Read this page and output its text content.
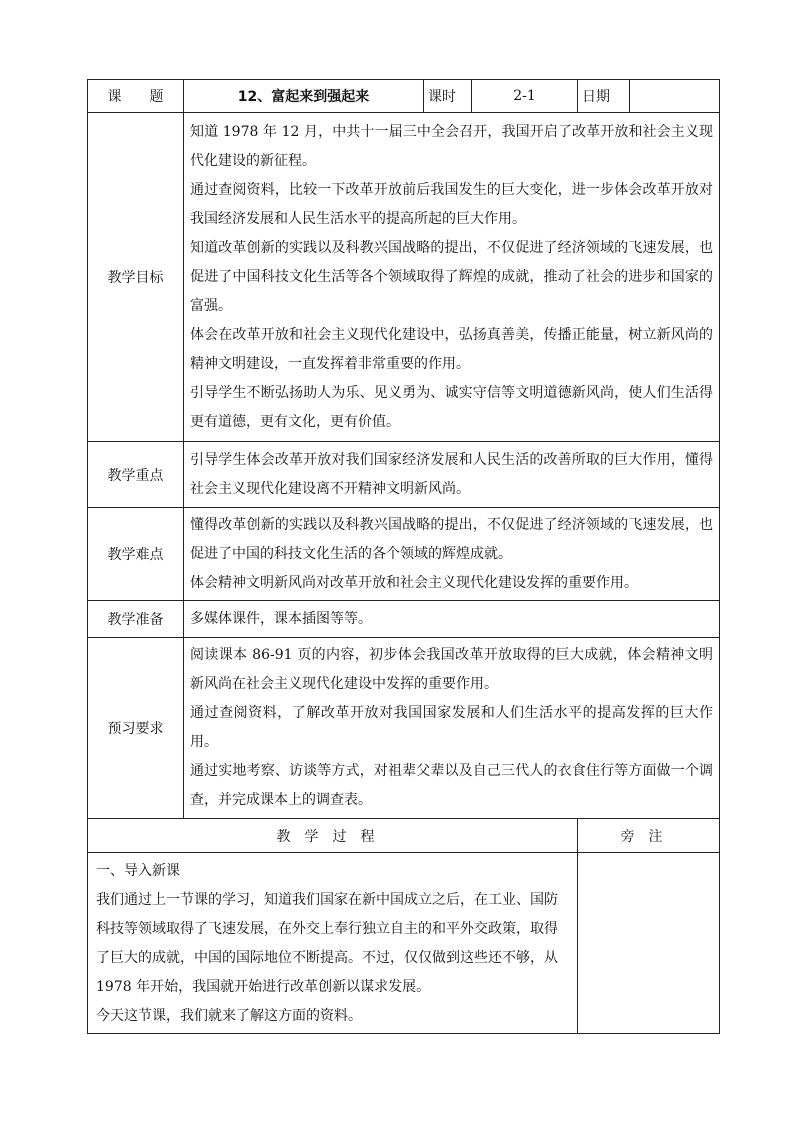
课　　题	12、富起来到强起来	课时	2-1	日期	
教学目标	知道 1978 年 12 月，中共十一届三中全会召开，我国开启了改革开放和社会主义现代化建设的新征程。

通过查阅资料，比较一下改革开放前后我国发生的巨大变化，进一步体会改革开放对我国经济发展和人民生活水平的提高所起的巨大作用。

知道改革创新的实践以及科教兴国战略的提出，不仅促进了经济领域的飞速发展，也促进了中国科技文化生活等各个领域取得了辉煌的成就，推动了社会的进步和国家的富强。

体会在改革开放和社会主义现代化建设中，弘扬真善美，传播正能量，树立新风尚的精神文明建设，一直发挥着非常重要的作用。

引导学生不断弘扬助人为乐、见义勇为、诚实守信等文明道德新风尚，使人们生活得更有道德，更有文化，更有价值。				

教学重点	引导学生体会改革开放对我们国家经济发展和人民生活的改善所取的巨大作用，懂得社会主义现代化建设离不开精神文明新风尚。				

教学难点	懂得改革创新的实践以及科教兴国战略的提出，不仅促进了经济领域的飞速发展，也促进了中国的科技文化生活的各个领域的辉煌成就。

体会精神文明新风尚对改革开放和社会主义现代化建设发挥的重要作用。				

教学准备	多媒体课件，课本插图等等。				

预习要求	阅读课本 86-91 页的内容，初步体会我国改革开放取得的巨大成就，体会精神文明新风尚在社会主义现代化建设中发挥的重要作用。

通过查阅资料，了解改革开放对我国国家发展和人们生活水平的提高发挥的巨大作用。

通过实地考察、访谈等方式，对祖辈父辈以及自己三代人的衣食住行等方面做一个调查，并完成课本上的调查表。				

教学过程				旁注	

一、导入新课

我们通过上一节课的学习，知道我们国家在新中国成立之后，在工业、国防科技等领域取得了飞速发展，在外交上奉行独立自主的和平外交政策，取得了巨大的成就，中国的国际地位不断提高。不过，仅仅做到这些还不够，从 1978 年开始，我国就开始进行改革创新以谋求发展。

今天这节课，我们就来了解这方面的资料。					
